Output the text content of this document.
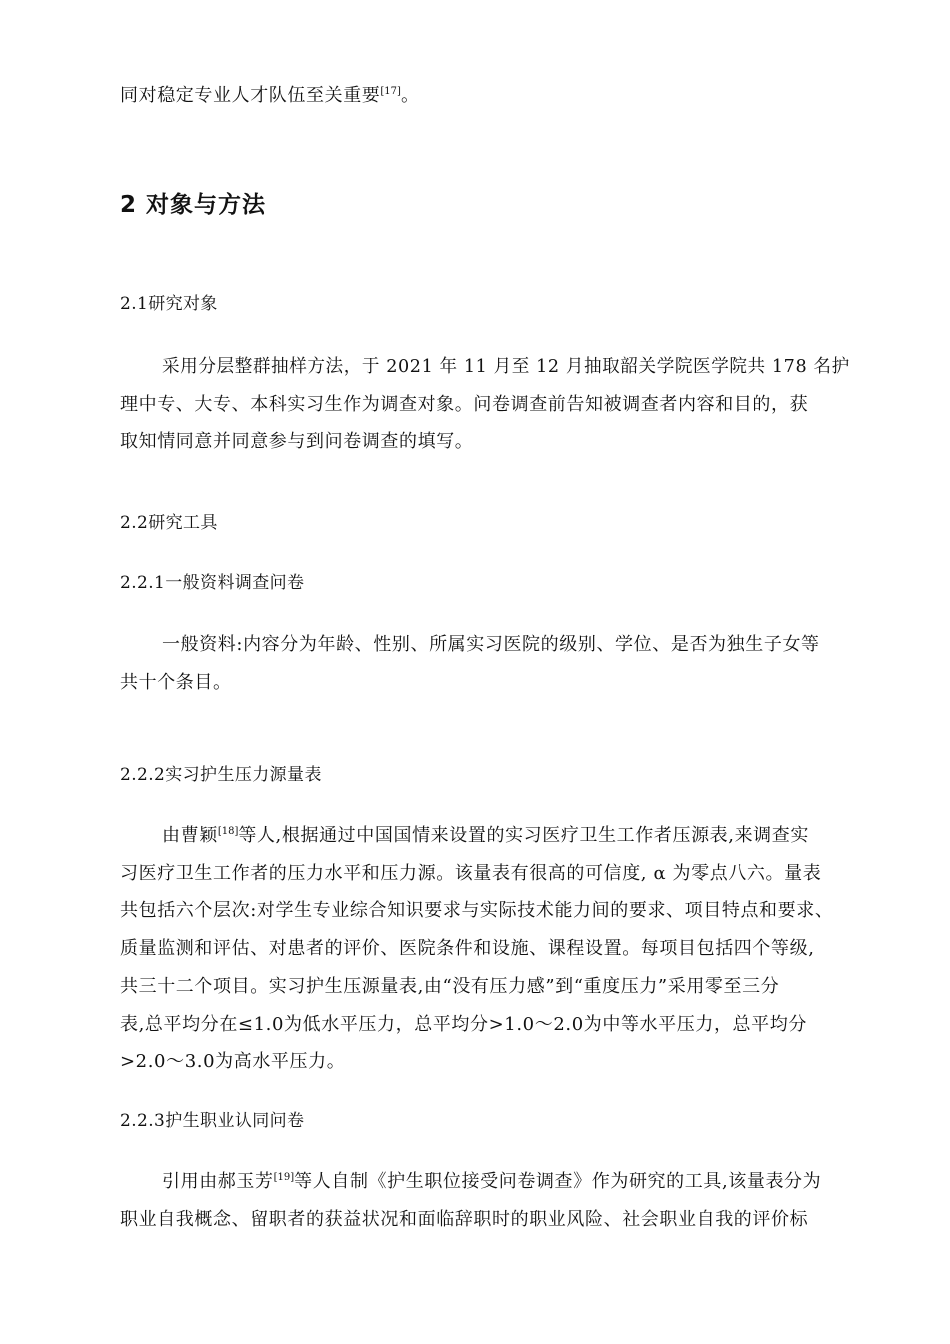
同对稳定专业人才队伍至关重要[17]。
2 对象与方法
2.1研究对象
采用分层整群抽样方法，于 2021 年 11 月至 12 月抽取韶关学院医学院共 178 名护
理中专、大专、本科实习生作为调查对象。问卷调查前告知被调查者内容和目的，获
取知情同意并同意参与到问卷调查的填写。
2.2研究工具
2.2.1一般资料调查问卷
一般资料:内容分为年龄、性别、所属实习医院的级别、学位、是否为独生子女等
共十个条目。
2.2.2实习护生压力源量表
由曹颖[18]等人,根据通过中国国情来设置的实习医疗卫生工作者压源表,来调查实
习医疗卫生工作者的压力水平和压力源。该量表有很高的可信度, α 为零点八六。量表
共包括六个层次:对学生专业综合知识要求与实际技术能力间的要求、项目特点和要求、
质量监测和评估、对患者的评价、医院条件和设施、课程设置。每项目包括四个等级,
共三十二个项目。实习护生压源量表,由“没有压力感”到“重度压力”采用零至三分
表,总平均分在≤1.0为低水平压力，总平均分>1.0～2.0为中等水平压力，总平均分
>2.0～3.0为高水平压力。
2.2.3护生职业认同问卷
引用由郝玉芳[19]等人自制《护生职位接受问卷调查》作为研究的工具,该量表分为
职业自我概念、留职者的获益状况和面临辞职时的职业风险、社会职业自我的评价标
